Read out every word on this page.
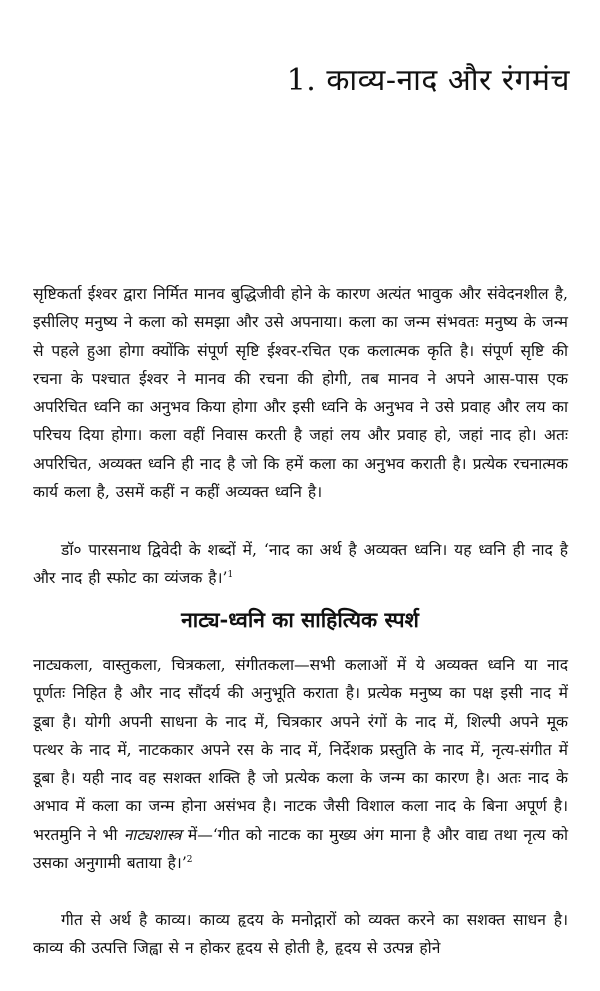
1. काव्य-नाद और रंगमंच

सृष्टिकर्ता ईश्वर द्वारा निर्मित मानव बुद्धिजीवी होने के कारण अत्यंत भावुक और संवेदनशील है, इसीलिए मनुष्य ने कला को समझा और उसे अपनाया। कला का जन्म संभवतः मनुष्य के जन्म से पहले हुआ होगा क्योंकि संपूर्ण सृष्टि ईश्वर-रचित एक कलात्मक कृति है। संपूर्ण सृष्टि की रचना के पश्चात ईश्वर ने मानव की रचना की होगी, तब मानव ने अपने आस-पास एक अपरिचित ध्वनि का अनुभव किया होगा और इसी ध्वनि के अनुभव ने उसे प्रवाह और लय का परिचय दिया होगा। कला वहीं निवास करती है जहां लय और प्रवाह हो, जहां नाद हो। अतः अपरिचित, अव्यक्त ध्वनि ही नाद है जो कि हमें कला का अनुभव कराती है। प्रत्येक रचनात्मक कार्य कला है, उसमें कहीं न कहीं अव्यक्त ध्वनि है।

डॉ० पारसनाथ द्विवेदी के शब्दों में, ‘नाद का अर्थ है अव्यक्त ध्वनि। यह ध्वनि ही नाद है और नाद ही स्फोट का व्यंजक है।’$^1$

नाट्य-ध्वनि का साहित्यिक स्पर्श

नाट्यकला, वास्तुकला, चित्रकला, संगीतकला—सभी कलाओं में ये अव्यक्त ध्वनि या नाद पूर्णतः निहित है और नाद सौंदर्य की अनुभूति कराता है। प्रत्येक मनुष्य का पक्ष इसी नाद में डूबा है। योगी अपनी साधना के नाद में, चित्रकार अपने रंगों के नाद में, शिल्पी अपने मूक पत्थर के नाद में, नाटककार अपने रस के नाद में, निर्देशक प्रस्तुति के नाद में, नृत्य-संगीत में डूबा है। यही नाद वह सशक्त शक्ति है जो प्रत्येक कला के जन्म का कारण है। अतः नाद के अभाव में कला का जन्म होना असंभव है। नाटक जैसी विशाल कला नाद के बिना अपूर्ण है। भरतमुनि ने भी नाट्यशास्त्र में—‘गीत को नाटक का मुख्य अंग माना है और वाद्य तथा नृत्य को उसका अनुगामी बताया है।’$^2$

गीत से अर्थ है काव्य। काव्य हृदय के मनोद्गारों को व्यक्त करने का सशक्त साधन है। काव्य की उत्पत्ति जिह्वा से न होकर हृदय से होती है, हृदय से उत्पन्न होने
